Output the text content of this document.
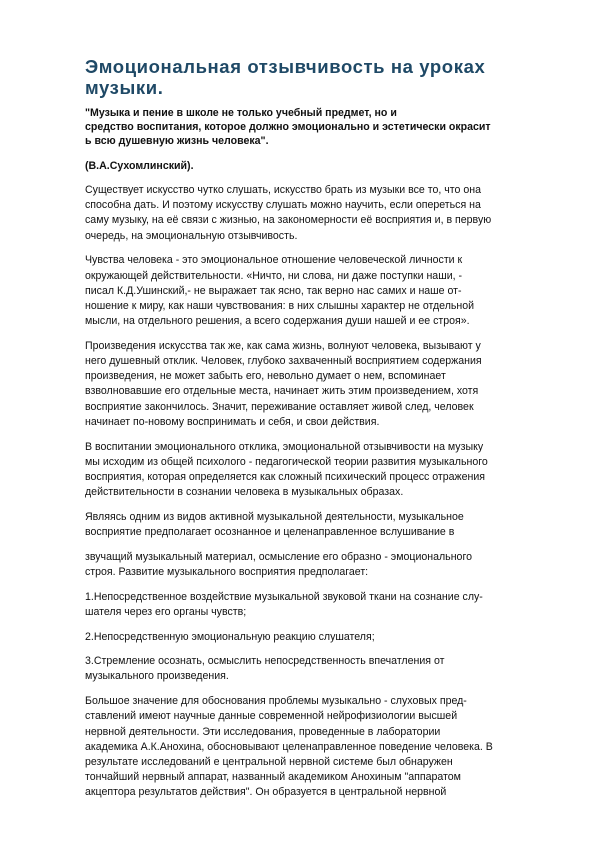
Эмоциональная отзывчивость на уроках
музыки.
"Музыка и пение в школе не только учебный предмет, но и
средство воспитания, которое должно эмоционально и эстетически окрасит
ь всю душевную жизнь человека".
(В.А.Сухомлинский).
Существует искусство чутко слушать, искусство брать из музыки все то, что она
способна дать. И поэтому искусству слушать можно научить, если опереться на
саму музыку, на её связи с жизнью, на закономерности её восприятия и, в первую
очередь, на эмоциональную отзывчивость.
Чувства человека - это эмоциональное отношение человеческой личности к
окружающей действительности. «Ничто, ни слова, ни даже поступки наши, -
писал К.Д.Ушинский,- не выражает так ясно, так верно нас самих и наше от-
ношение к миру, как наши чувствования: в них слышны характер не отдельной
мысли, на отдельного решения, а всего содержания души нашей и ее строя».
Произведения искусства так же, как сама жизнь, волнуют человека, вызывают у
него душевный отклик. Человек, глубоко захваченный восприятием содержания
произведения, не может забыть его, невольно думает о нем, вспоминает
взволновавшие его отдельные места, начинает жить этим произведением, хотя
восприятие закончилось. Значит, переживание оставляет живой след, человек
начинает по-новому воспринимать и себя, и свои действия.
В воспитании эмоционального отклика, эмоциональной отзывчивости на музыку
мы исходим из общей психолого - педагогической теории развития музыкального
восприятия, которая определяется как сложный психический процесс отражения
действительности в сознании человека в музыкальных образах.
Являясь одним из видов активной музыкальной деятельности, музыкальное
восприятие предполагает осознанное и целенаправленное вслушивание в
звучащий музыкальный материал, осмысление его образно - эмоционального
строя. Развитие музыкального восприятия предполагает:
1.Непосредственное воздействие музыкальной звуковой ткани на сознание слу-
шателя через его органы чувств;
2.Непосредственную эмоциональную реакцию слушателя;
3.Стремление осознать, осмыслить непосредственность впечатления от
музыкального произведения.
Большое значение для обоснования проблемы музыкально - слуховых пред-
ставлений имеют научные данные современной нейрофизиологии высшей
нервной деятельности. Эти исследования, проведенные в лаборатории
академика А.К.Анохина, обосновывают целенаправленное поведение человека. В
результате исследований е центральной нервной системе был обнаружен
тончайший нервный аппарат, названный академиком Анохиным "аппаратом
акцептора результатов действия". Он образуется в центральной нервной
